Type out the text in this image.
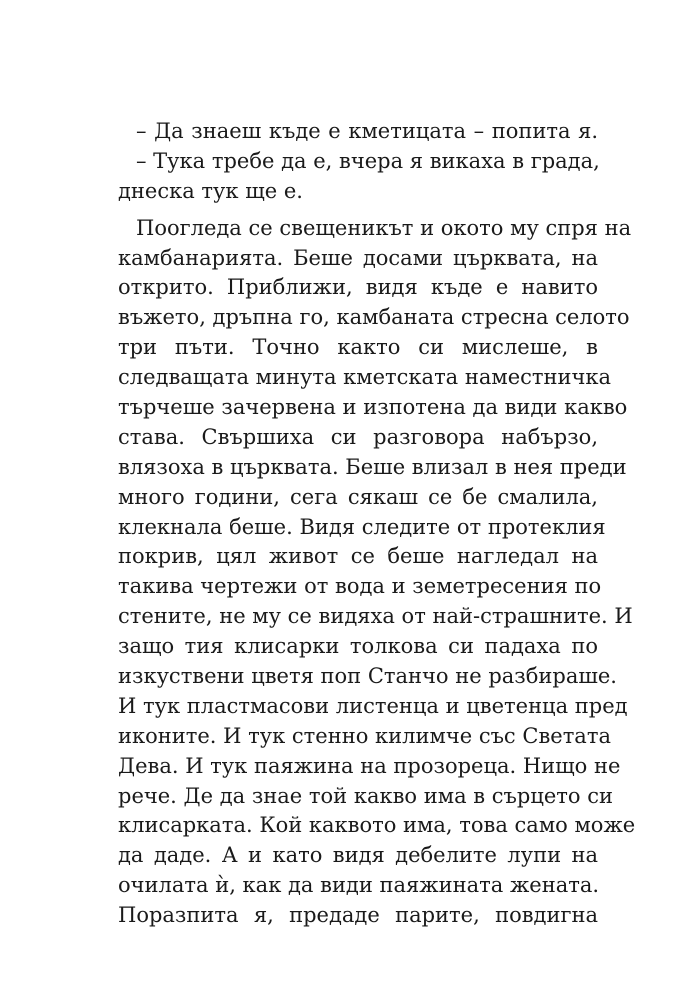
– Да знаеш къде е кметицата – попита я.
– Тука требе да е, вчера я викаха в града,
днеска тук ще е.
Поогледа се свещеникът и окото му спря на
камбанарията. Беше досами църквата, на
открито. Приближи, видя къде е навито
въжето, дръпна го, камбаната стресна селото
три пъти. Точно както си мислеше, в
следващата минута кметската наместничка
търчеше зачервена и изпотена да види какво
става. Свършиха си разговора набързо,
влязоха в църквата. Беше влизал в нея преди
много години, сега сякаш се бе смалила,
клекнала беше. Видя следите от протеклия
покрив, цял живот се беше нагледал на
такива чертежи от вода и земетресения по
стените, не му се видяха от най-страшните. И
защо тия клисарки толкова си падаха по
изкуствени цветя поп Станчо не разбираше.
И тук пластмасови листенца и цветенца пред
иконите. И тук стенно килимче със Светата
Дева. И тук паяжина на прозореца. Нищо не
рече. Де да знае той какво има в сърцето си
клисарката. Кой каквото има, това само може
да даде. А и като видя дебелите лупи на
очилата ѝ, как да види паяжината жената.
Поразпита я, предаде парите, повдигна
